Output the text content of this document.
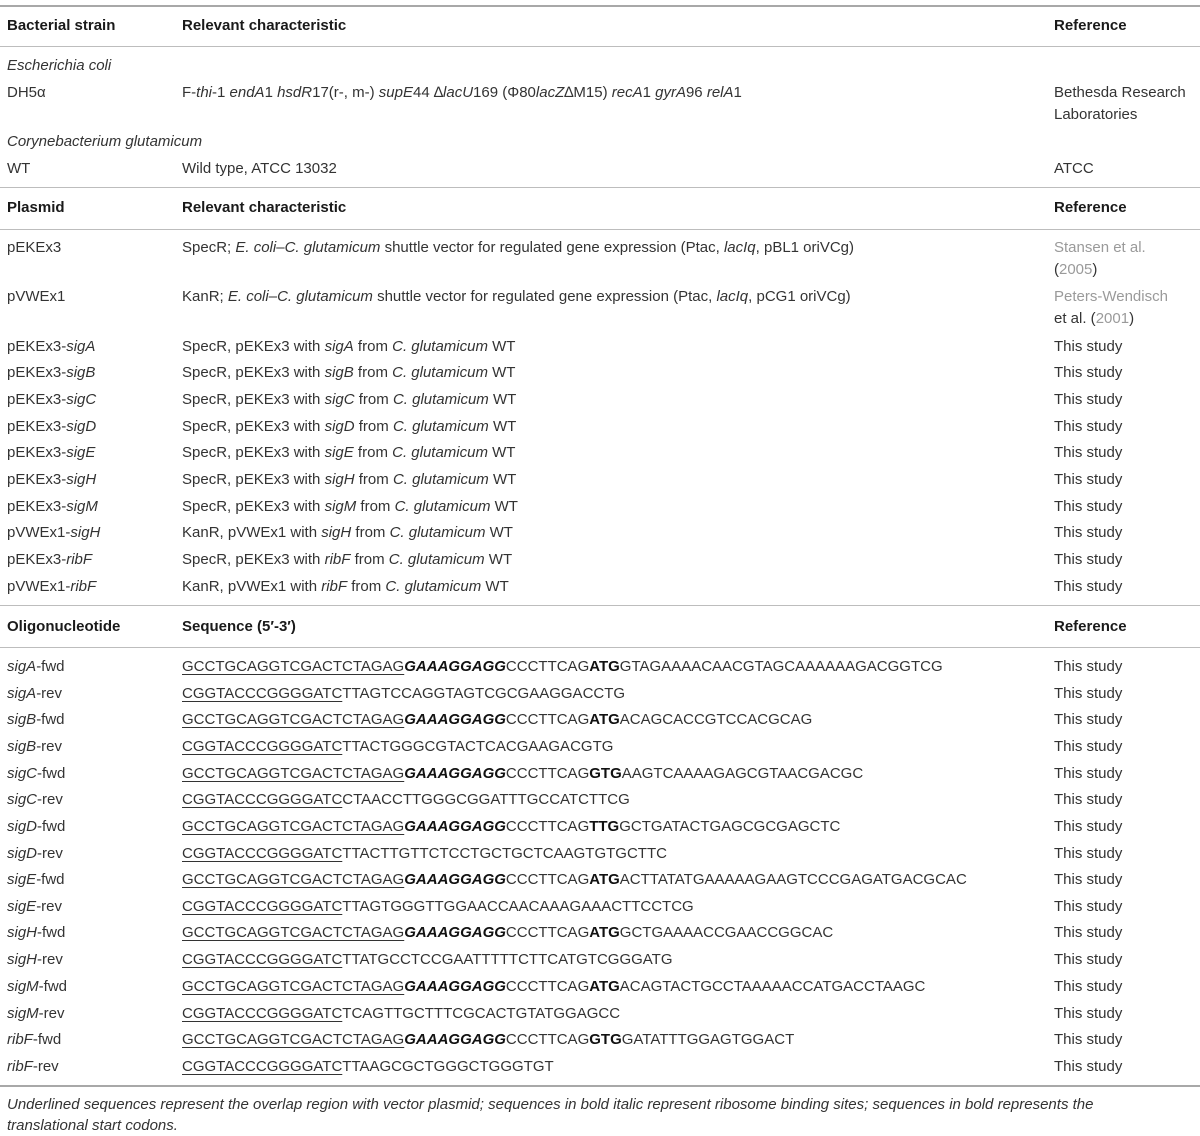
Bacterial strain	Relevant characteristic	Reference
Escherichia coli
DH5α	F-thi-1 endA1 hsdR17(r-, m-) supE44 ∆lacU169 (Φ80lacZ∆M15) recA1 gyrA96 relA1	Bethesda Research
Laboratories
Corynebacterium glutamicum
WT	Wild type, ATCC 13032	ATCC
Plasmid	Relevant characteristic	Reference
pEKEx3	SpecR; E. coli–C. glutamicum shuttle vector for regulated gene expression (Ptac, lacIq, pBL1 oriVCg)	Stansen et al.
(2005)
pVWEx1	KanR; E. coli–C. glutamicum shuttle vector for regulated gene expression (Ptac, lacIq, pCG1 oriVCg)	Peters-Wendisch
et al. (2001)
pEKEx3-sigA	SpecR, pEKEx3 with sigA from C. glutamicum WT	This study
pEKEx3-sigB	SpecR, pEKEx3 with sigB from C. glutamicum WT	This study
pEKEx3-sigC	SpecR, pEKEx3 with sigC from C. glutamicum WT	This study
pEKEx3-sigD	SpecR, pEKEx3 with sigD from C. glutamicum WT	This study
pEKEx3-sigE	SpecR, pEKEx3 with sigE from C. glutamicum WT	This study
pEKEx3-sigH	SpecR, pEKEx3 with sigH from C. glutamicum WT	This study
pEKEx3-sigM	SpecR, pEKEx3 with sigM from C. glutamicum WT	This study
pVWEx1-sigH	KanR, pVWEx1 with sigH from C. glutamicum WT	This study
pEKEx3-ribF	SpecR, pEKEx3 with ribF from C. glutamicum WT	This study
pVWEx1-ribF	KanR, pVWEx1 with ribF from C. glutamicum WT	This study
Oligonucleotide	Sequence (5′-3′)	Reference
sigA-fwd	GCCTGCAGGTCGACTCTAGAGGAAAGGAGGCCCTTCAGATGGTAGAAAACAACGTAGCAAAAAAGACGGTCG	This study
sigA-rev	CGGTACCCGGGGATCTTAGTCCAGGTAGTCGCGAAGGACCTG	This study
sigB-fwd	GCCTGCAGGTCGACTCTAGAGGAAAGGAGGCCCTTCAGATGACAGCACCGTCCACGCAG	This study
sigB-rev	CGGTACCCGGGGATCTTACTGGGCGTACTCACGAAGACGTG	This study
sigC-fwd	GCCTGCAGGTCGACTCTAGAGGAAAGGAGGCCCTTCAGGTGAAGTCAAAAGAGCGTAACGACGC	This study
sigC-rev	CGGTACCCGGGGATCCTAACCTTGGGCGGATTTGCCATCTTCG	This study
sigD-fwd	GCCTGCAGGTCGACTCTAGAGGAAAGGAGGCCCTTCAGTTGGCTGATACTGAGCGCGAGCTC	This study
sigD-rev	CGGTACCCGGGGATCTTACTTGTTCTCCTGCTGCTCAAGTGTGCTTC	This study
sigE-fwd	GCCTGCAGGTCGACTCTAGAGGAAAGGAGGCCCTTCAGATGACTTATATGAAAAAGAAGTCCCGAGATGACGCAC	This study
sigE-rev	CGGTACCCGGGGATCTTAGTGGGTTGGAACCAACAAAGAAACTTCCTCG	This study
sigH-fwd	GCCTGCAGGTCGACTCTAGAGGAAAGGAGGCCCTTCAGATGGCTGAAAACCGAACCGGCAC	This study
sigH-rev	CGGTACCCGGGGATCTTATGCCTCCGAATTTTTCTTCATGTCGGGATG	This study
sigM-fwd	GCCTGCAGGTCGACTCTAGAGGAAAGGAGGCCCTTCAGATGACAGTACTGCCTAAAAACCATGACCTAAGC	This study
sigM-rev	CGGTACCCGGGGATCTCAGTTGCTTTCGCACTGTATGGAGCC	This study
ribF-fwd	GCCTGCAGGTCGACTCTAGAGGAAAGGAGGCCCTTCAGGTGGATATTTGGAGTGGACT	This study
ribF-rev	CGGTACCCGGGGATCTTAAGCGCTGGGCTGGGTGT	This study
Underlined sequences represent the overlap region with vector plasmid; sequences in bold italic represent ribosome binding sites; sequences in bold represents the
translational start codons.
